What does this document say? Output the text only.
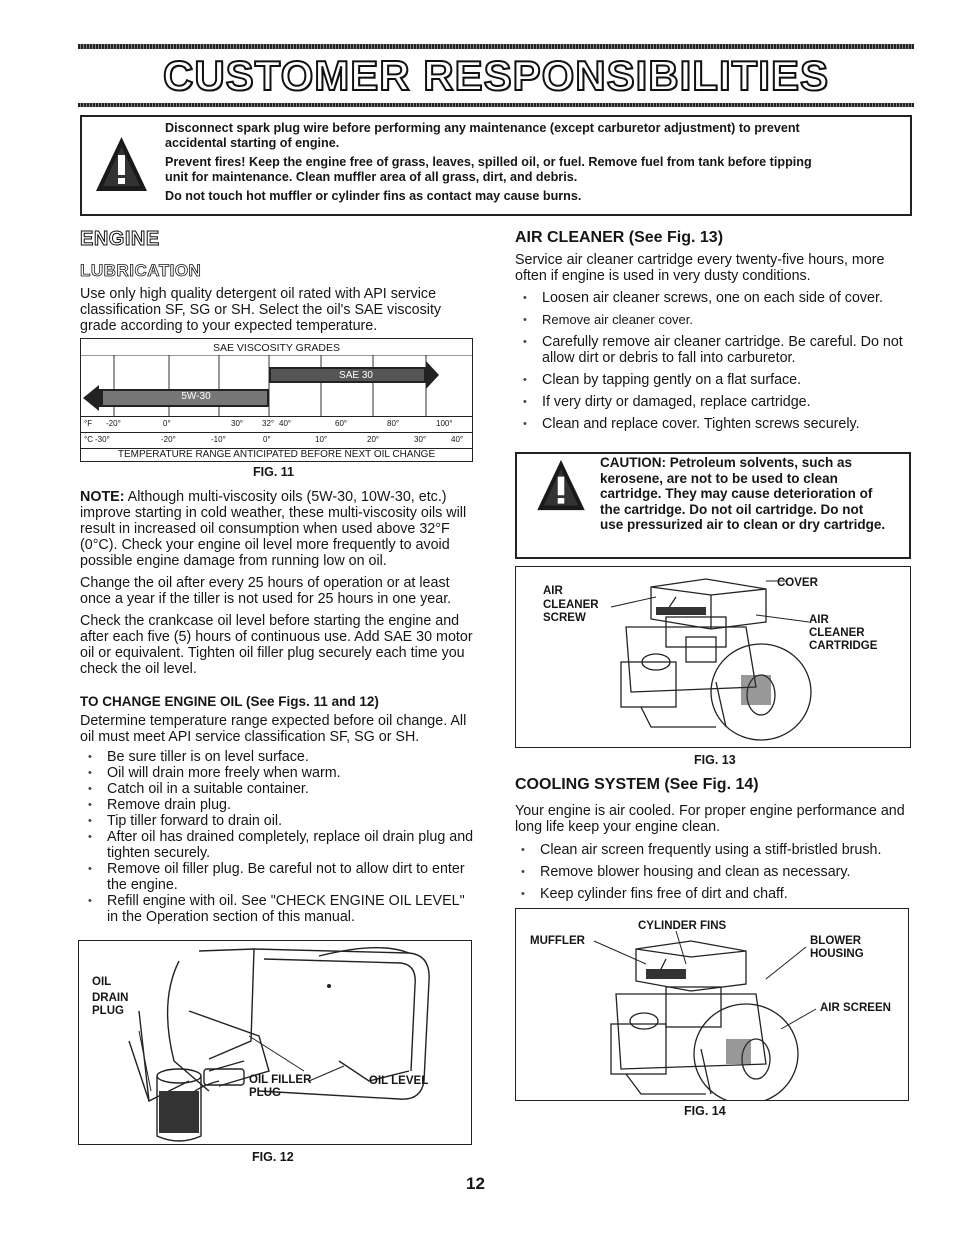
CUSTOMER RESPONSIBILITIES

Disconnect spark plug wire before performing any maintenance (except carburetor adjustment) to prevent
accidental starting of engine.

Prevent fires! Keep the engine free of grass, leaves, spilled oil, or fuel. Remove fuel from tank before tipping
unit for maintenance. Clean muffler area of all grass, dirt, and debris.

Do not touch hot muffler or cylinder fins as contact may cause burns.

ENGINE
LUBRICATION
Use only high quality detergent oil rated with API service classification SF, SG or SH. Select the oil's SAE viscosity grade according to your expected temperature.
SAE VISCOSITY GRADES
5W-30
SAE 30
°F -20°	0°	30° 32° 40°	60°	80°	100°
°C -30°	-20°	-10°	0°	10°	20°	30°	40°
TEMPERATURE RANGE ANTICIPATED BEFORE NEXT OIL CHANGE
FIG. 11

NOTE: Although multi-viscosity oils (5W-30, 10W-30, etc.) improve starting in cold weather, these multi-viscosity oils will result in increased oil consumption when used above 32°F (0°C). Check your engine oil level more frequently to avoid possible engine damage from running low on oil.

Change the oil after every 25 hours of operation or at least once a year if the tiller is not used for 25 hours in one year.

Check the crankcase oil level before starting the engine and after each five (5) hours of continuous use. Add SAE 30 motor oil or equivalent. Tighten oil filler plug securely each time you check the oil level.

TO CHANGE ENGINE OIL (See Figs. 11 and 12)
Determine temperature range expected before oil change. All oil must meet API service classification SF, SG or SH.
• Be sure tiller is on level surface.
• Oil will drain more freely when warm.
• Catch oil in a suitable container.
• Remove drain plug.
• Tip tiller forward to drain oil.
• After oil has drained completely, replace oil drain plug and tighten securely.
• Remove oil filler plug. Be careful not to allow dirt to enter the engine.
• Refill engine with oil. See "CHECK ENGINE OIL LEVEL" in the Operation section of this manual.
OIL
DRAIN
PLUG
OIL FILLER
PLUG
OIL LEVEL
FIG. 12
AIR CLEANER (See Fig. 13)
Service air cleaner cartridge every twenty-five hours, more often if engine is used in very dusty conditions.
• Loosen air cleaner screws, one on each side of cover.
• Remove air cleaner cover.
• Carefully remove air cleaner cartridge. Be careful. Do not allow dirt or debris to fall into carburetor.
• Clean by tapping gently on a flat surface.
• If very dirty or damaged, replace cartridge.
• Clean and replace cover. Tighten screws securely.
CAUTION: Petroleum solvents, such as kerosene, are not to be used to clean cartridge. They may cause deterioration of the cartridge. Do not oil cartridge. Do not use pressurized air to clean or dry cartridge.
AIR
CLEANER
SCREW
COVER
AIR
CLEANER
CARTRIDGE
FIG. 13
COOLING SYSTEM (See Fig. 14)
Your engine is air cooled. For proper engine performance and long life keep your engine clean.
• Clean air screen frequently using a stiff-bristled brush.
• Remove blower housing and clean as necessary.
• Keep cylinder fins free of dirt and chaff.
CYLINDER FINS
MUFFLER	BLOWER
HOUSING
AIR SCREEN
FIG. 14
12
